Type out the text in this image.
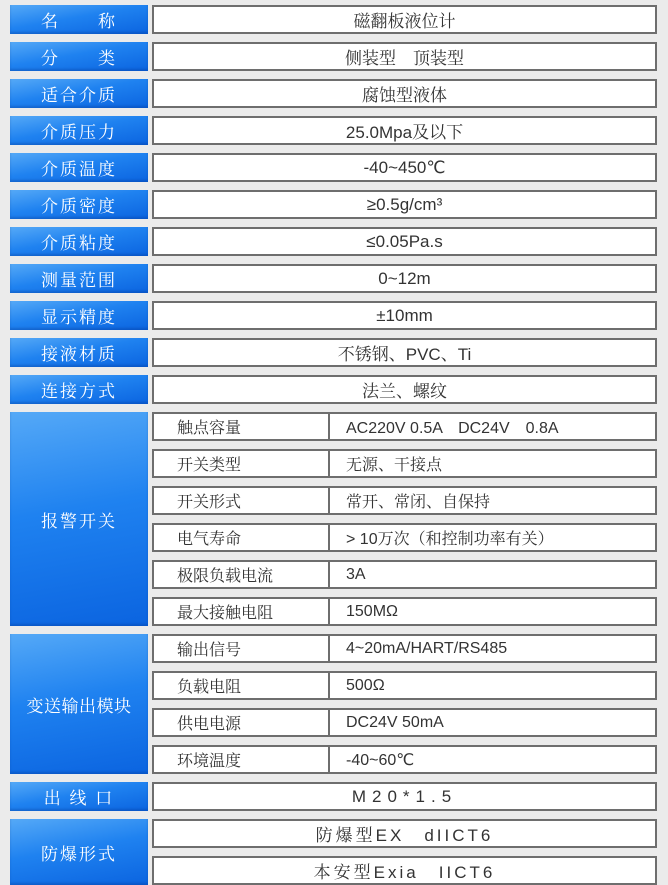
名　　称	磁翻板液位计
分　　类	侧装型　顶装型
适合介质	腐蚀型液体
介质压力	25.0Mpa及以下
介质温度	-40~450℃
介质密度	≥0.5g/cm³
介质粘度	≤0.05Pa.s
测量范围	0~12m
显示精度	±10mm
接液材质	不锈钢、PVC、Ti
连接方式	法兰、螺纹
报警开关
触点容量	AC220V 0.5A　DC24V　0.8A
开关类型	无源、干接点
开关形式	常开、常闭、自保持
电气寿命	> 10万次（和控制功率有关）
极限负载电流	3A
最大接触电阻	150MΩ
变送输出模块
输出信号	4~20mA/HART/RS485
负载电阻	500Ω
供电电源	DC24V 50mA
环境温度	-40~60℃
出 线 口	M20*1.5
防爆形式
防爆型EX　dIICT6
本安型Exia　IICT6
